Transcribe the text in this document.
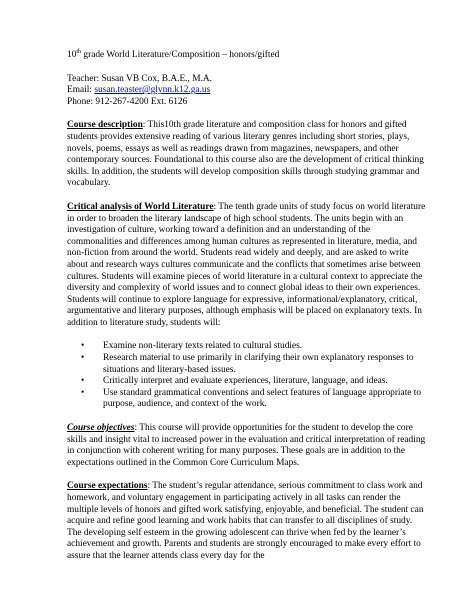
10th grade World Literature/Composition – honors/gifted
Teacher: Susan VB Cox, B.A.E., M.A.
Email: susan.teaster@glynn.k12.ga.us
Phone: 912-267-4200 Ext. 6126

Course description: This10th grade literature and composition class for honors and gifted students provides extensive reading of various literary genres including short stories, plays, novels, poems, essays as well as readings drawn from magazines, newspapers, and other contemporary sources. Foundational to this course also are the development of critical thinking skills. In addition, the students will develop composition skills through studying grammar and vocabulary.

Critical analysis of World Literature: The tenth grade units of study focus on world literature in order to broaden the literary landscape of high school students. The units begin with an investigation of culture, working toward a definition and an understanding of the commonalities and differences among human cultures as represented in literature, media, and non-fiction from around the world. Students read widely and deeply, and are asked to write about and research ways cultures communicate and the conflicts that sometimes arise between cultures. Students will examine pieces of world literature in a cultural context to appreciate the diversity and complexity of world issues and to connect global ideas to their own experiences. Students will continue to explore language for expressive, informational/explanatory, critical, argumentative and literary purposes, although emphasis will be placed on explanatory texts. In addition to literature study, students will:

• Examine non-literary texts related to cultural studies.
• Research material to use primarily in clarifying their own explanatory responses to situations and literary-based issues.
• Critically interpret and evaluate experiences, literature, language, and ideas.
• Use standard grammatical conventions and select features of language appropriate to purpose, audience, and context of the work.

Course objectives: This course will provide opportunities for the student to develop the core skills and insight vital to increased power in the evaluation and critical interpretation of reading in conjunction with coherent writing for many purposes. These goals are in addition to the expectations outlined in the Common Core Curriculum Maps.

Course expectations: The student’s regular attendance, serious commitment to class work and homework, and voluntary engagement in participating actively in all tasks can render the multiple levels of honors and gifted work satisfying, enjoyable, and beneficial. The student can acquire and refine good learning and work habits that can transfer to all disciplines of study. The developing self esteem in the growing adolescent can thrive when fed by the learner’s achievement and growth. Parents and students are strongly encouraged to make every effort to assure that the learner attends class every day for the
